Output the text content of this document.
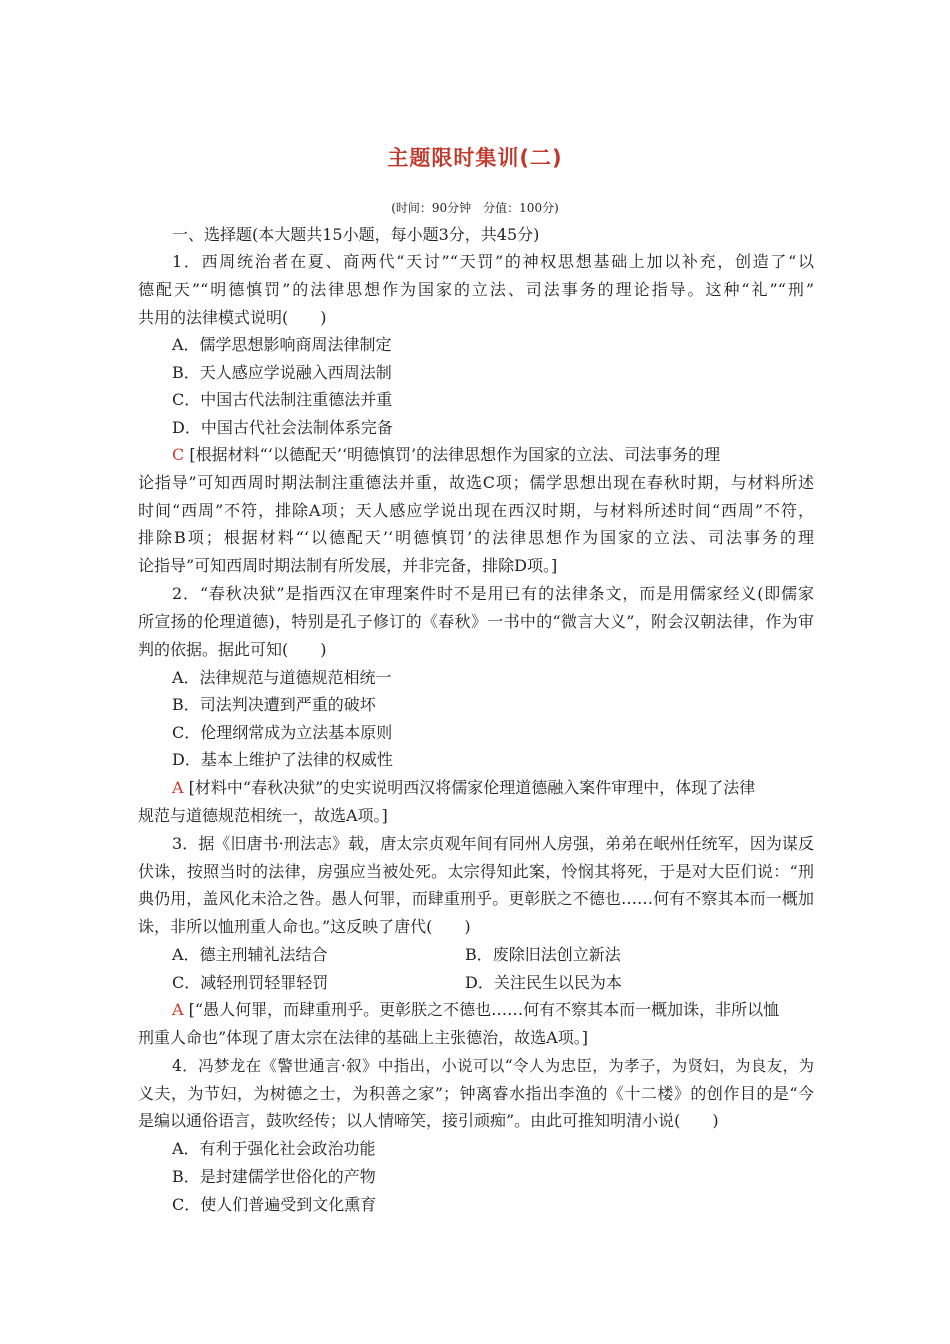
主题限时集训(二)
(时间：90分钟　分值：100分)
一、选择题(本大题共15小题，每小题3分，共45分)
1．西周统治者在夏、商两代“天讨”“天罚”的神权思想基础上加以补充，创造了“以
德配天”“明德慎罚”的法律思想作为国家的立法、司法事务的理论指导。这种“礼”“刑”
共用的法律模式说明(　　)
A．儒学思想影响商周法律制定
B．天人感应学说融入西周法制
C．中国古代法制注重德法并重
D．中国古代社会法制体系完备
C [根据材料“‘以德配天’‘明德慎罚’的法律思想作为国家的立法、司法事务的理
论指导”可知西周时期法制注重德法并重，故选C项；儒学思想出现在春秋时期，与材料所述
时间“西周”不符，排除A项；天人感应学说出现在西汉时期，与材料所述时间“西周”不符，
排除B项；根据材料“‘以德配天’‘明德慎罚’的法律思想作为国家的立法、司法事务的理
论指导”可知西周时期法制有所发展，并非完备，排除D项。]
2．“春秋决狱”是指西汉在审理案件时不是用已有的法律条文，而是用儒家经义(即儒家
所宣扬的伦理道德)，特别是孔子修订的《春秋》一书中的“微言大义”，附会汉朝法律，作为审
判的依据。据此可知(　　)
A．法律规范与道德规范相统一
B．司法判决遭到严重的破坏
C．伦理纲常成为立法基本原则
D．基本上维护了法律的权威性
A [材料中“春秋决狱”的史实说明西汉将儒家伦理道德融入案件审理中，体现了法律
规范与道德规范相统一，故选A项。]
3．据《旧唐书·刑法志》载，唐太宗贞观年间有同州人房强，弟弟在岷州任统军，因为谋反
伏诛，按照当时的法律，房强应当被处死。太宗得知此案，怜悯其将死，于是对大臣们说：“刑
典仍用，盖风化未洽之咎。愚人何罪，而肆重刑乎。更彰朕之不德也……何有不察其本而一概加
诛，非所以恤刑重人命也。”这反映了唐代(　　)
A．德主刑辅礼法结合	B．废除旧法创立新法
C．减轻刑罚轻罪轻罚	D．关注民生以民为本
A [“愚人何罪，而肆重刑乎。更彰朕之不德也……何有不察其本而一概加诛，非所以恤
刑重人命也”体现了唐太宗在法律的基础上主张德治，故选A项。]
4．冯梦龙在《警世通言·叙》中指出，小说可以“令人为忠臣，为孝子，为贤妇，为良友，为
义夫，为节妇，为树德之士，为积善之家”；钟离睿水指出李渔的《十二楼》的创作目的是“今
是编以通俗语言，鼓吹经传；以人情啼笑，接引顽痴”。由此可推知明清小说(　　)
A．有利于强化社会政治功能
B．是封建儒学世俗化的产物
C．使人们普遍受到文化熏育
